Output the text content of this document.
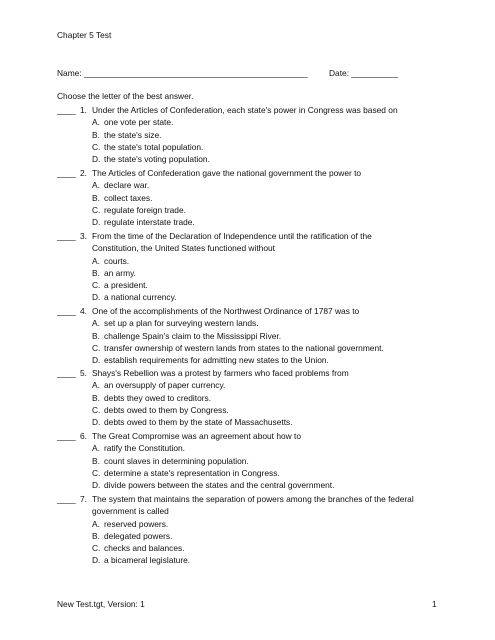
Chapter 5 Test
Name: ________________________________________________	Date: __________
Choose the letter of the best answer.
____ 1. Under the Articles of Confederation, each state's power in Congress was based on
A. one vote per state.
B. the state's size.
C. the state's total population.
D. the state's voting population.
____ 2. The Articles of Confederation gave the national government the power to
A. declare war.
B. collect taxes.
C. regulate foreign trade.
D. regulate interstate trade.
____ 3. From the time of the Declaration of Independence until the ratification of the
Constitution, the United States functioned without
A. courts.
B. an army.
C. a president.
D. a national currency.
____ 4. One of the accomplishments of the Northwest Ordinance of 1787 was to
A. set up a plan for surveying western lands.
B. challenge Spain's claim to the Mississippi River.
C. transfer ownership of western lands from states to the national government.
D. establish requirements for admitting new states to the Union.
____ 5. Shays's Rebellion was a protest by farmers who faced problems from
A. an oversupply of paper currency.
B. debts they owed to creditors.
C. debts owed to them by Congress.
D. debts owed to them by the state of Massachusetts.
____ 6. The Great Compromise was an agreement about how to
A. ratify the Constitution.
B. count slaves in determining population.
C. determine a state's representation in Congress.
D. divide powers between the states and the central government.
____ 7. The system that maintains the separation of powers among the branches of the federal
government is called
A. reserved powers.
B. delegated powers.
C. checks and balances.
D. a bicameral legislature.
New Test.tgt, Version: 1	1
